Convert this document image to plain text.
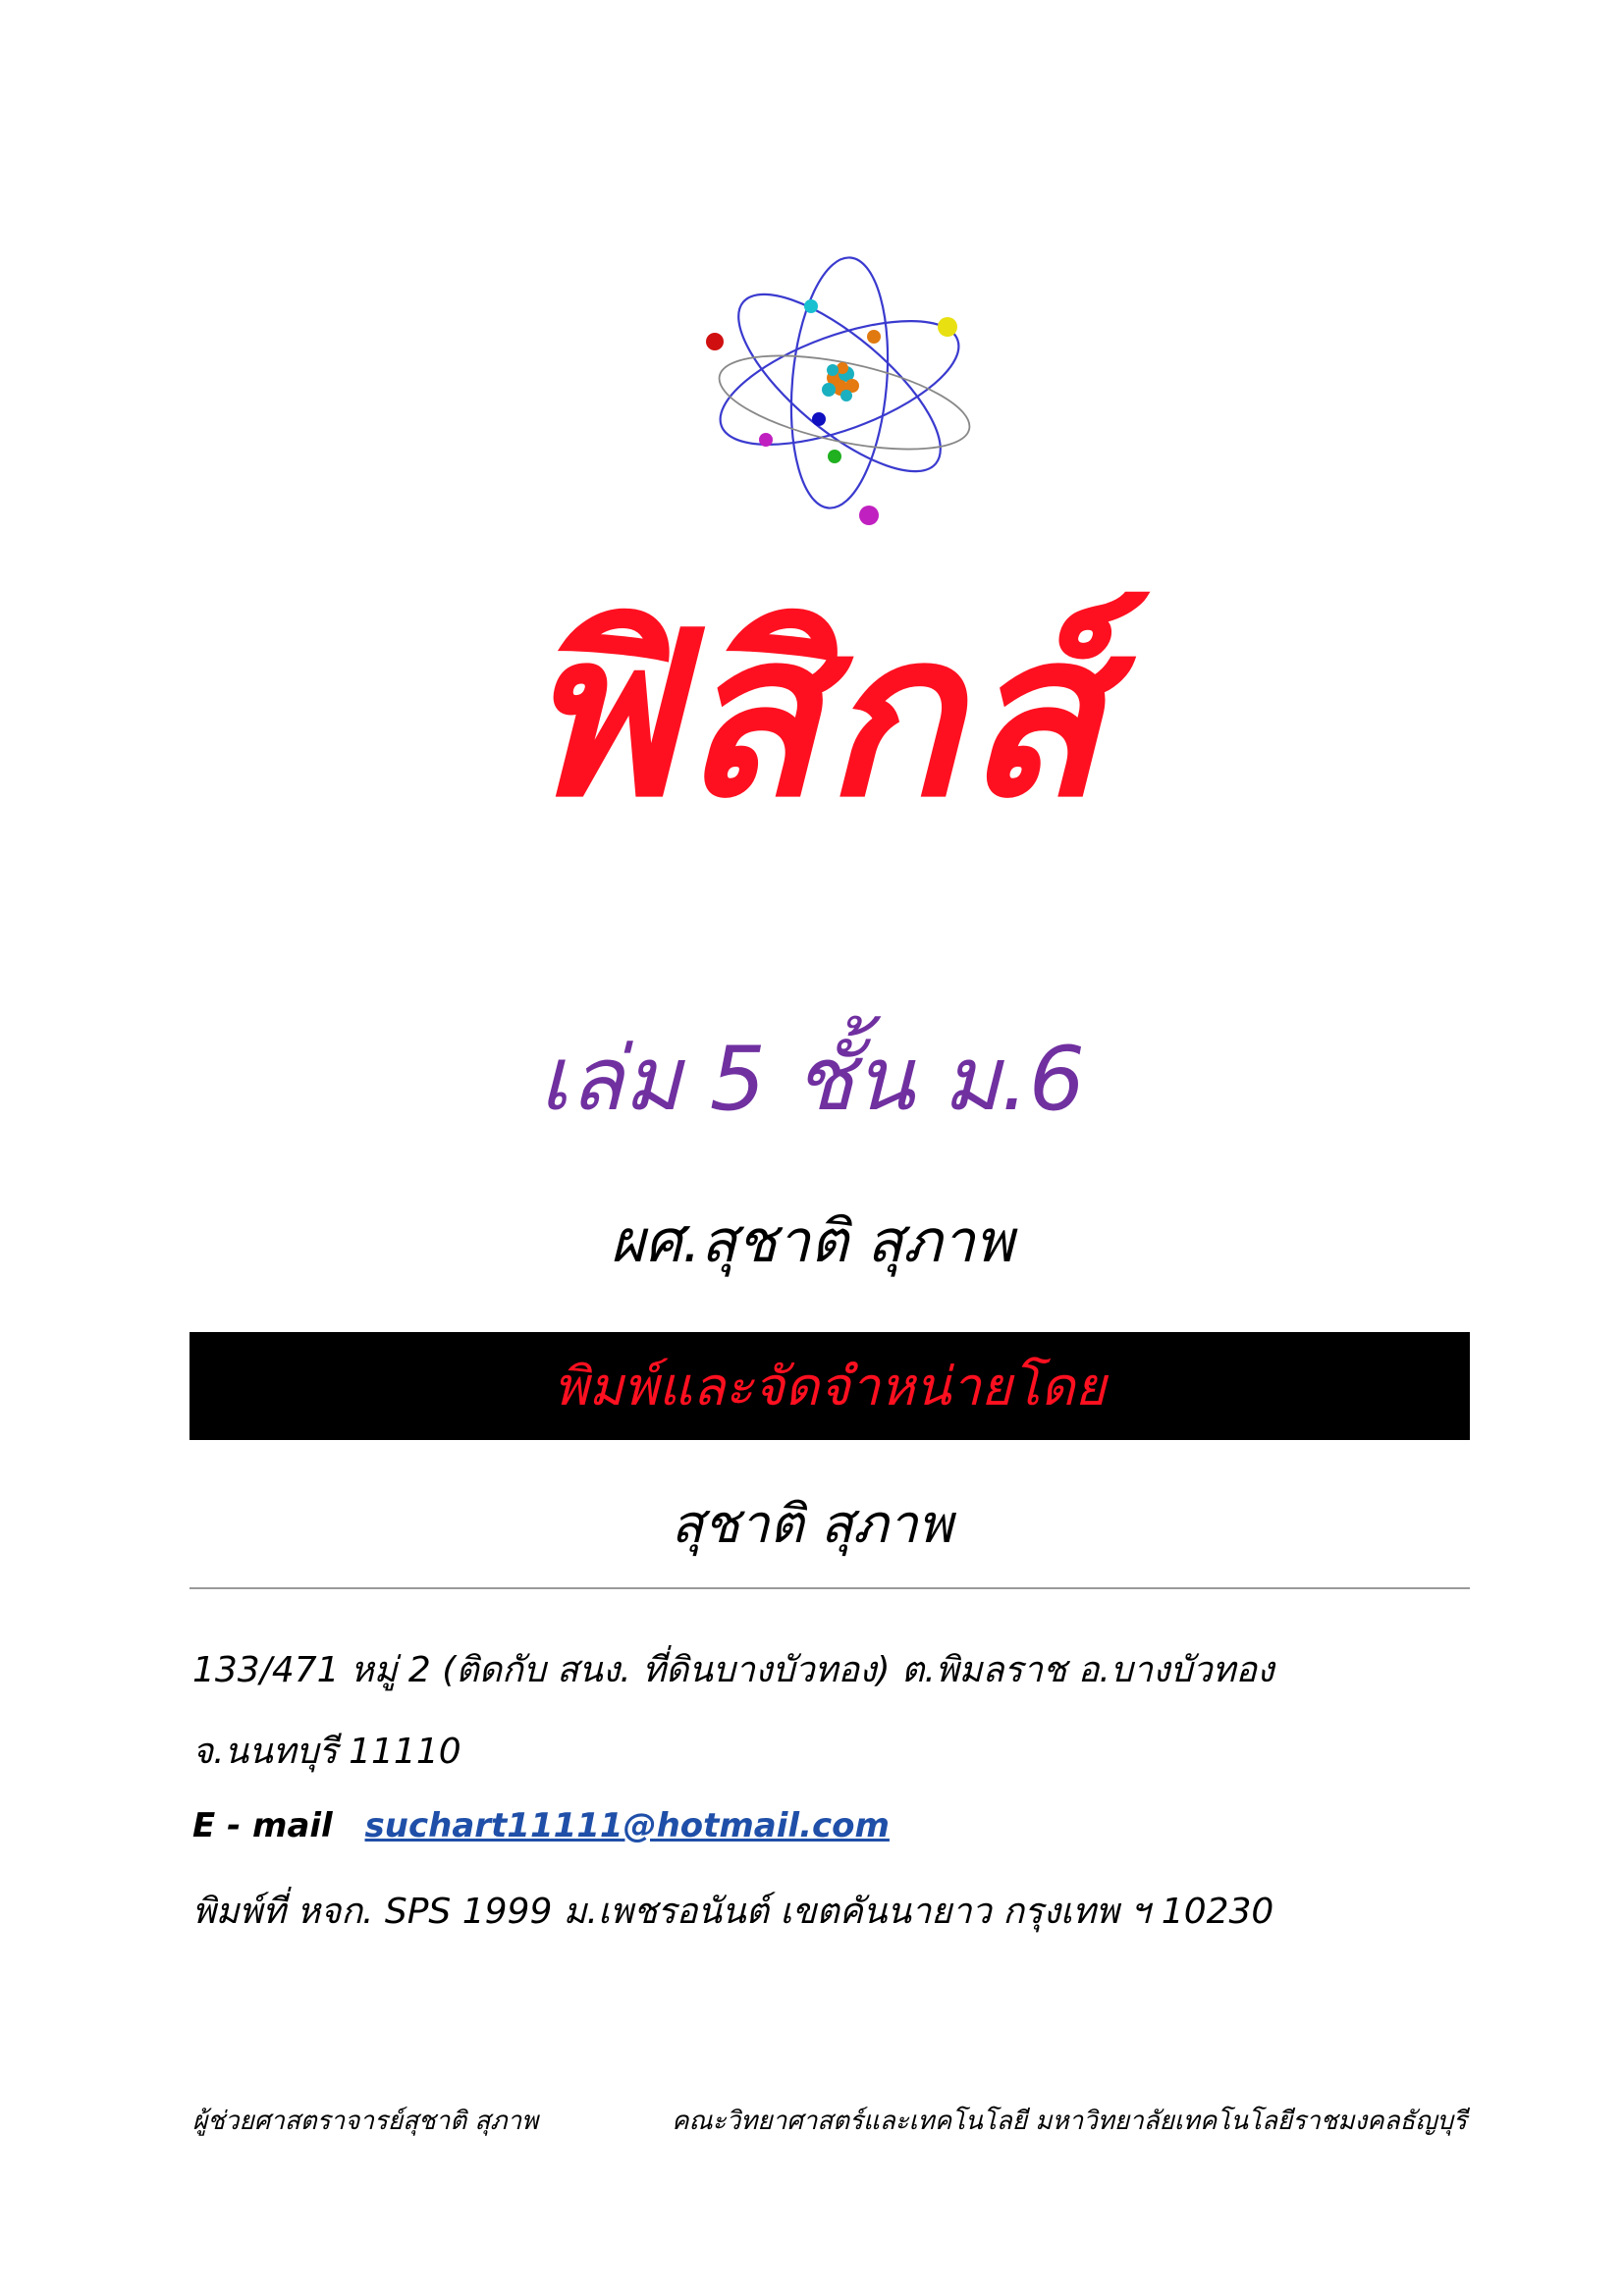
ฟิสิกส์
เล่ม 5 ชั้น ม.6
ผศ.สุชาติ สุภาพ
พิมพ์และจัดจำหน่ายโดย
สุชาติ สุภาพ
133/471 หมู่ 2 (ติดกับ สนง. ที่ดินบางบัวทอง) ต.พิมลราช อ.บางบัวทอง
จ.นนทบุรี 11110
E - mail suchart11111@hotmail.com
พิมพ์ที่ หจก. SPS 1999 ม.เพชรอนันต์ เขตคันนายาว กรุงเทพ ฯ 10230
ผู้ช่วยศาสตราจารย์สุชาติ สุภาพ	คณะวิทยาศาสตร์และเทคโนโลยี มหาวิทยาลัยเทคโนโลยีราชมงคลธัญบุรี
